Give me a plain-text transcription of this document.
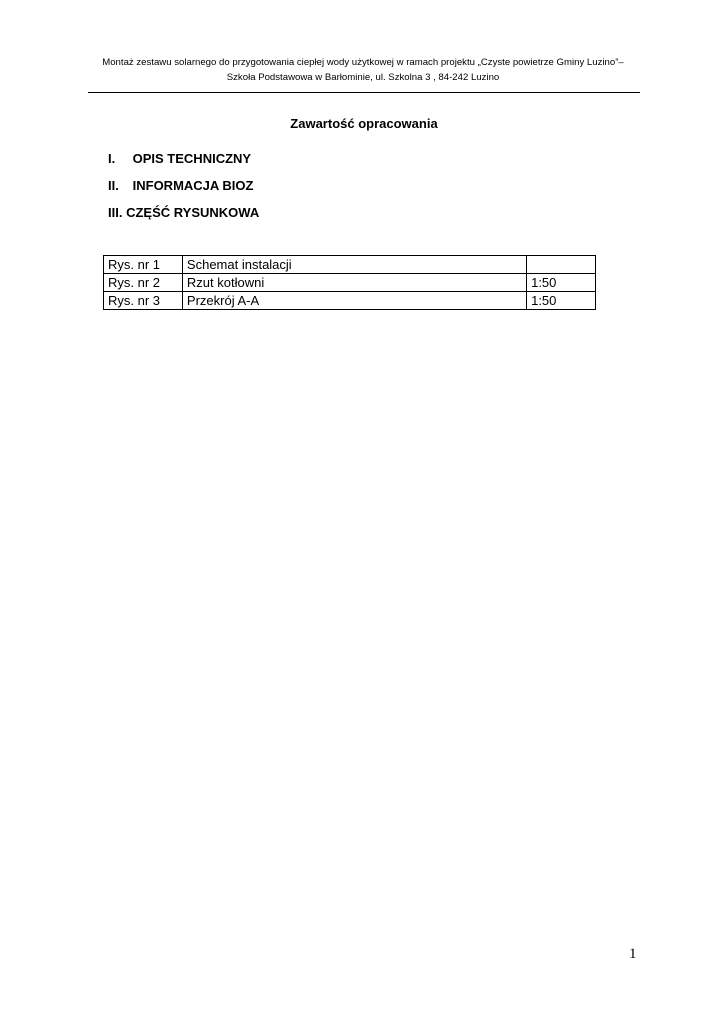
Montaż zestawu solarnego do przygotowania ciepłej wody użytkowej w ramach projektu „Czyste powietrze Gminy Luzino”–
Szkoła Podstawowa w Barłominie, ul. Szkolna 3 , 84-242 Luzino
Zawartość opracowania
I. OPIS TECHNICZNY
II. INFORMACJA BIOZ
III. CZĘŚĆ RYSUNKOWA
Rys. nr 1	Schemat instalacji	
Rys. nr 2	Rzut kotłowni	1:50
Rys. nr 3	Przekrój A-A	1:50
1
